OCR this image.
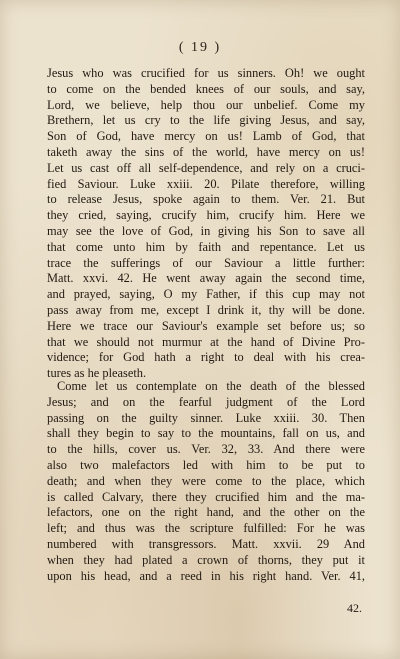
( 19 )
Jesus who was crucified for us sinners. Oh! we ought
to come on the bended knees of our souls, and say,
Lord, we believe, help thou our unbelief. Come my
Brethern, let us cry to the life giving Jesus, and say,
Son of God, have mercy on us! Lamb of God, that
taketh away the sins of the world, have mercy on us!
Let us cast off all self-dependence, and rely on a cruci-
fied Saviour. Luke xxiii. 20. Pilate therefore, willing
to release Jesus, spoke again to them. Ver. 21. But
they cried, saying, crucify him, crucify him. Here we
may see the love of God, in giving his Son to save all
that come unto him by faith and repentance. Let us
trace the sufferings of our Saviour a little further:
Matt. xxvi. 42. He went away again the second time,
and prayed, saying, O my Father, if this cup may not
pass away from me, except I drink it, thy will be done.
Here we trace our Saviour's example set before us; so
that we should not murmur at the hand of Divine Pro-
vidence; for God hath a right to deal with his crea-
tures as he pleaseth.
Come let us contemplate on the death of the blessed
Jesus; and on the fearful judgment of the Lord
passing on the guilty sinner. Luke xxiii. 30. Then
shall they begin to say to the mountains, fall on us, and
to the hills, cover us. Ver. 32, 33. And there were
also two malefactors led with him to be put to
death; and when they were come to the place, which
is called Calvary, there they crucified him and the ma-
lefactors, one on the right hand, and the other on the
left; and thus was the scripture fulfilled: For he was
numbered with transgressors. Matt. xxvii. 29 And
when they had plated a crown of thorns, they put it
upon his head, and a reed in his right hand. Ver. 41,
42.
